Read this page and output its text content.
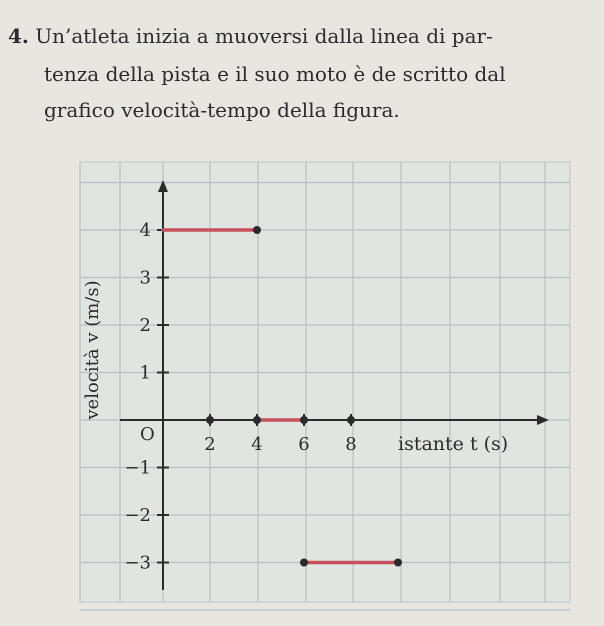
4. Un’atleta inizia a muoversi dalla linea di par-
tenza della pista e il suo moto è de scritto dal
grafico velocità-tempo della figura.
2 4 6 8
4
3
2
1
−1
−2
−3
O	istante t (s)
velocità v (m/s)
